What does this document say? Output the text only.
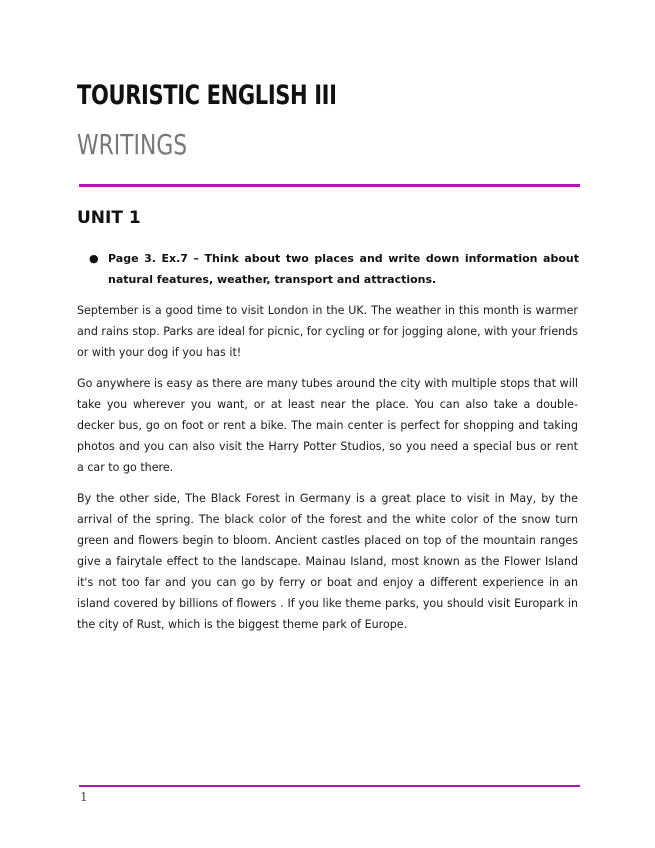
TOURISTIC ENGLISH III
WRITINGS
UNIT 1
● Page 3. Ex.7 – Think about two places and write down information about natural features, weather, transport and attractions.

September is a good time to visit London in the UK. The weather in this month is warmer and rains stop. Parks are ideal for picnic, for cycling or for jogging alone, with your friends or with your dog if you has it!

Go anywhere is easy as there are many tubes around the city with multiple stops that will take you wherever you want, or at least near the place. You can also take a double-decker bus, go on foot or rent a bike. The main center is perfect for shopping and taking photos and you can also visit the Harry Potter Studios, so you need a special bus or rent a car to go there.

By the other side, The Black Forest in Germany is a great place to visit in May, by the arrival of the spring. The black color of the forest and the white color of the snow turn green and flowers begin to bloom. Ancient castles placed on top of the mountain ranges give a fairytale effect to the landscape. Mainau Island, most known as the Flower Island it's not too far and you can go by ferry or boat and enjoy a different experience in an island covered by billions of flowers . If you like theme parks, you should visit Europark in the city of Rust, which is the biggest theme park of Europe.

1
